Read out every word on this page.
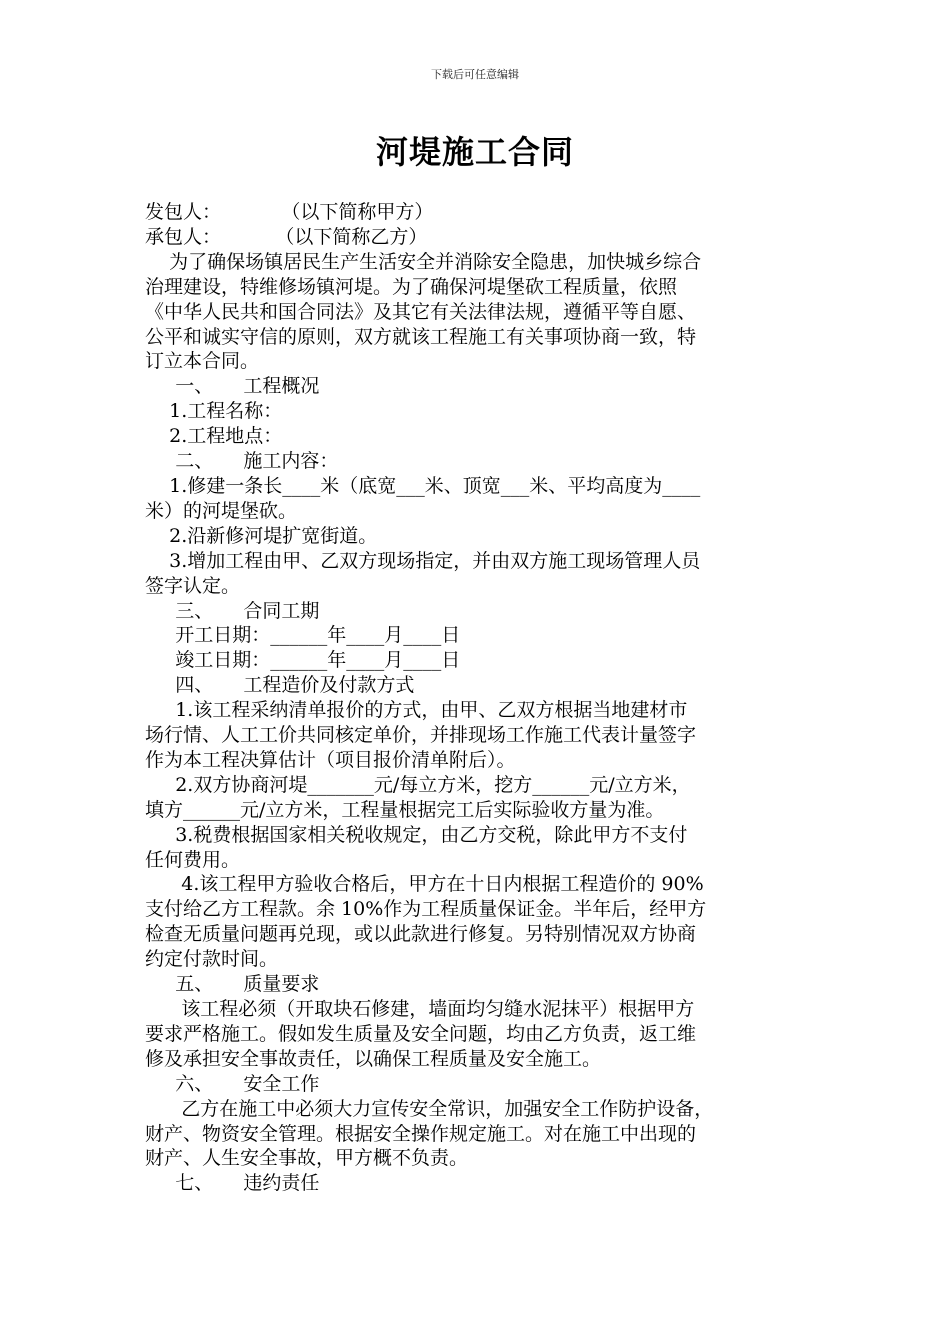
下载后可任意编辑
河堤施工合同

发包人：          （以下简称甲方）

承包人：         （以下简称乙方）

为了确保场镇居民生产生活安全并消除安全隐患，加快城乡综合

治理建设，特维修场镇河堤。为了确保河堤堡砍工程质量，依照

《中华人民共和国合同法》及其它有关法律法规，遵循平等自愿、

公平和诚实守信的原则，双方就该工程施工有关事项协商一致，特

订立本合同。

一、     工程概况

1.工程名称：

2.工程地点：

二、     施工内容：

1.修建一条长____米（底宽___米、顶宽___米、平均高度为____

米）的河堤堡砍。

2.沿新修河堤扩宽街道。

3.增加工程由甲、乙双方现场指定，并由双方施工现场管理人员

签字认定。

三、     合同工期

开工日期：______年____月____日

竣工日期：______年____月____日

四、     工程造价及付款方式

1.该工程采纳清单报价的方式，由甲、乙双方根据当地建材市

场行情、人工工价共同核定单价，并排现场工作施工代表计量签字

作为本工程决算估计（项目报价清单附后）。

2.双方协商河堤_______元/每立方米，挖方______元/立方米，

填方______元/立方米，工程量根据完工后实际验收方量为准。

3.税费根据国家相关税收规定，由乙方交税，除此甲方不支付

任何费用。

4.该工程甲方验收合格后，甲方在十日内根据工程造价的 90%

支付给乙方工程款。余 10%作为工程质量保证金。半年后，经甲方

检查无质量问题再兑现，或以此款进行修复。另特别情况双方协商

约定付款时间。

五、     质量要求

该工程必须（开取块石修建，墙面均匀缝水泥抹平）根据甲方

要求严格施工。假如发生质量及安全问题，均由乙方负责，返工维

修及承担安全事故责任，以确保工程质量及安全施工。

六、     安全工作

乙方在施工中必须大力宣传安全常识，加强安全工作防护设备，

财产、物资安全管理。根据安全操作规定施工。对在施工中出现的

财产、人生安全事故，甲方概不负责。

七、     违约责任
